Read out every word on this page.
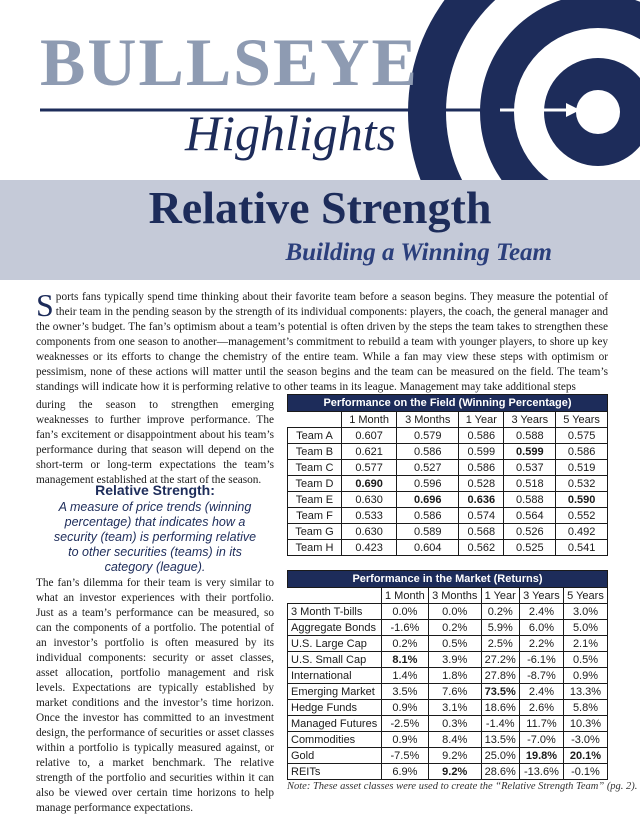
BULLSEYE
Highlights
Relative Strength
Building a Winning Team

Sports fans typically spend time thinking about their favorite team before a season begins. They measure the potential of their team in the pending season by the strength of its individual components: players, the coach, the general manager and the owner’s budget. The fan’s optimism about a team’s potential is often driven by the steps the team takes to strengthen these components from one season to another—management’s commitment to rebuild a team with younger players, to shore up key weaknesses or its efforts to change the chemistry of the entire team. While a fan may view these steps with optimism or pessimism, none of these actions will matter until the season begins and the team can be measured on the field. The team’s standings will indicate how it is performing relative to other teams in its league. Management may take additional steps

during the season to strengthen emerging weaknesses to further improve performance. The fan’s excitement or disappointment about his team’s performance during that season will depend on the short-term or long-term expectations the team’s management established at the start of the season.

Relative Strength:

A measure of price trends (winning percentage) that indicates how a security (team) is performing relative to other securities (teams) in its category (league).

The fan’s dilemma for their team is very similar to what an investor experiences with their portfolio. Just as a team’s performance can be measured, so can the components of a portfolio. The potential of an investor’s portfolio is often measured by its individual components: security or asset classes, asset allocation, portfolio management and risk levels. Expectations are typically established by market conditions and the investor’s time horizon. Once the investor has committed to an investment design, the performance of securities or asset classes within a portfolio is typically measured against, or relative to, a market benchmark. The relative strength of the portfolio and securities within it can also be viewed over certain time horizons to help manage performance expectations.

Performance on the Field (Winning Percentage)					
	1 Month	3 Months	1 Year	3 Years	5 Years
Team A	0.607	0.579	0.586	0.588	0.575
Team B	0.621	0.586	0.599	0.599	0.586
Team C	0.577	0.527	0.586	0.537	0.519
Team D	0.690	0.596	0.528	0.518	0.532
Team E	0.630	0.696	0.636	0.588	0.590
Team F	0.533	0.586	0.574	0.564	0.552
Team G	0.630	0.589	0.568	0.526	0.492
Team H	0.423	0.604	0.562	0.525	0.541
Performance in the Market (Returns)					
	1 Month	3 Months	1 Year	3 Years	5 Years
3 Month T-bills	0.0%	0.0%	0.2%	2.4%	3.0%
Aggregate Bonds	-1.6%	0.2%	5.9%	6.0%	5.0%
U.S. Large Cap	0.2%	0.5%	2.5%	2.2%	2.1%
U.S. Small Cap	8.1%	3.9%	27.2%	-6.1%	0.5%
International	1.4%	1.8%	27.8%	-8.7%	0.9%
Emerging Market	3.5%	7.6%	73.5%	2.4%	13.3%
Hedge Funds	0.9%	3.1%	18.6%	2.6%	5.8%
Managed Futures	-2.5%	0.3%	-1.4%	11.7%	10.3%
Commodities	0.9%	8.4%	13.5%	-7.0%	-3.0%
Gold	-7.5%	9.2%	25.0%	19.8%	20.1%
REITs	6.9%	9.2%	28.6%	-13.6%	-0.1%

Note: These asset classes were used to create the “Relative Strength Team” (pg. 2).
